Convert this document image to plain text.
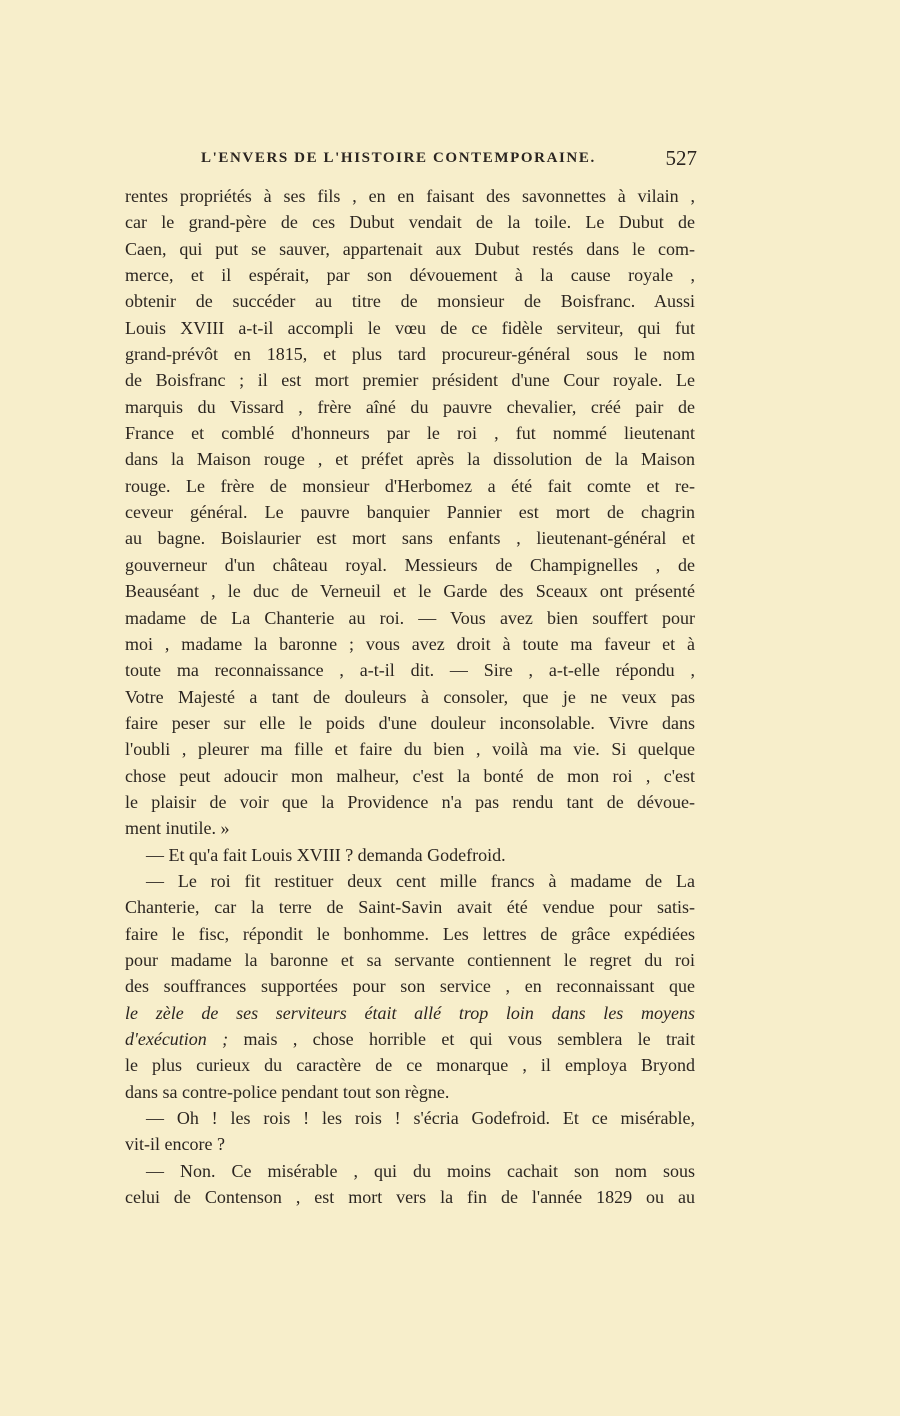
L'ENVERS DE L'HISTOIRE CONTEMPORAINE.	527
rentes propriétés à ses fils , en en faisant des savonnettes à vilain ,
car le grand-père de ces Dubut vendait de la toile. Le Dubut de
Caen, qui put se sauver, appartenait aux Dubut restés dans le com-
merce, et il espérait, par son dévouement à la cause royale ,
obtenir de succéder au titre de monsieur de Boisfranc. Aussi
Louis XVIII a-t-il accompli le vœu de ce fidèle serviteur, qui fut
grand-prévôt en 1815, et plus tard procureur-général sous le nom
de Boisfranc ; il est mort premier président d'une Cour royale. Le
marquis du Vissard , frère aîné du pauvre chevalier, créé pair de
France et comblé d'honneurs par le roi , fut nommé lieutenant
dans la Maison rouge , et préfet après la dissolution de la Maison
rouge. Le frère de monsieur d'Herbomez a été fait comte et re-
ceveur général. Le pauvre banquier Pannier est mort de chagrin
au bagne. Boislaurier est mort sans enfants , lieutenant-général et
gouverneur d'un château royal. Messieurs de Champignelles , de
Beauséant , le duc de Verneuil et le Garde des Sceaux ont présenté
madame de La Chanterie au roi. — Vous avez bien souffert pour
moi , madame la baronne ; vous avez droit à toute ma faveur et à
toute ma reconnaissance , a-t-il dit. — Sire , a-t-elle répondu ,
Votre Majesté a tant de douleurs à consoler, que je ne veux pas
faire peser sur elle le poids d'une douleur inconsolable. Vivre dans
l'oubli , pleurer ma fille et faire du bien , voilà ma vie. Si quelque
chose peut adoucir mon malheur, c'est la bonté de mon roi , c'est
le plaisir de voir que la Providence n'a pas rendu tant de dévoue-
ment inutile. »
— Et qu'a fait Louis XVIII ? demanda Godefroid.
— Le roi fit restituer deux cent mille francs à madame de La
Chanterie, car la terre de Saint-Savin avait été vendue pour satis-
faire le fisc, répondit le bonhomme. Les lettres de grâce expédiées
pour madame la baronne et sa servante contiennent le regret du roi
des souffrances supportées pour son service , en reconnaissant que
le zèle de ses serviteurs était allé trop loin dans les moyens
d'exécution ; mais , chose horrible et qui vous semblera le trait
le plus curieux du caractère de ce monarque , il employa Bryond
dans sa contre-police pendant tout son règne.
— Oh ! les rois ! les rois ! s'écria Godefroid. Et ce misérable,
vit-il encore ?
— Non. Ce misérable , qui du moins cachait son nom sous
celui de Contenson , est mort vers la fin de l'année 1829 ou au
